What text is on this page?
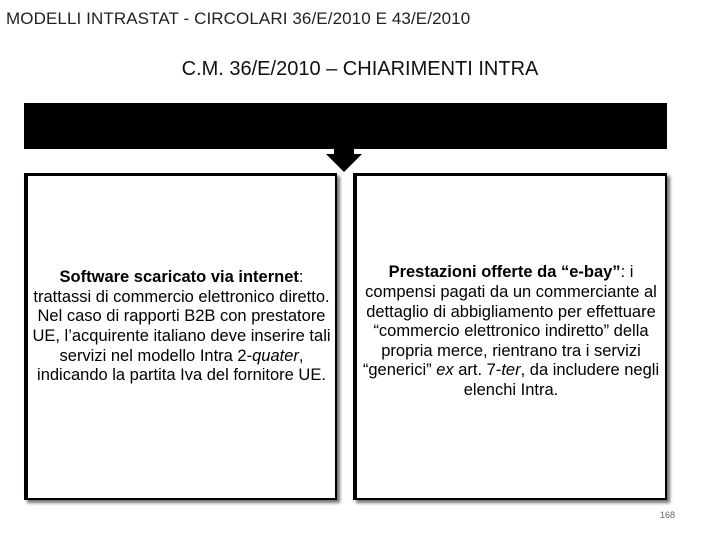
MODELLI INTRASTAT - CIRCOLARI 36/E/2010 E 43/E/2010
C.M. 36/E/2010 – CHIARIMENTI INTRA
Software scaricato via internet: trattassi di commercio elettronico diretto. Nel caso di rapporti B2B con prestatore UE, l’acquirente italiano deve inserire tali servizi nel modello Intra 2-quater, indicando la partita Iva del fornitore UE.
Prestazioni offerte da “e-bay”: i compensi pagati da un commerciante al dettaglio di abbigliamento per effettuare “commercio elettronico indiretto” della propria merce, rientrano tra i servizi “generici” ex art. 7-ter, da includere negli elenchi Intra.
168
